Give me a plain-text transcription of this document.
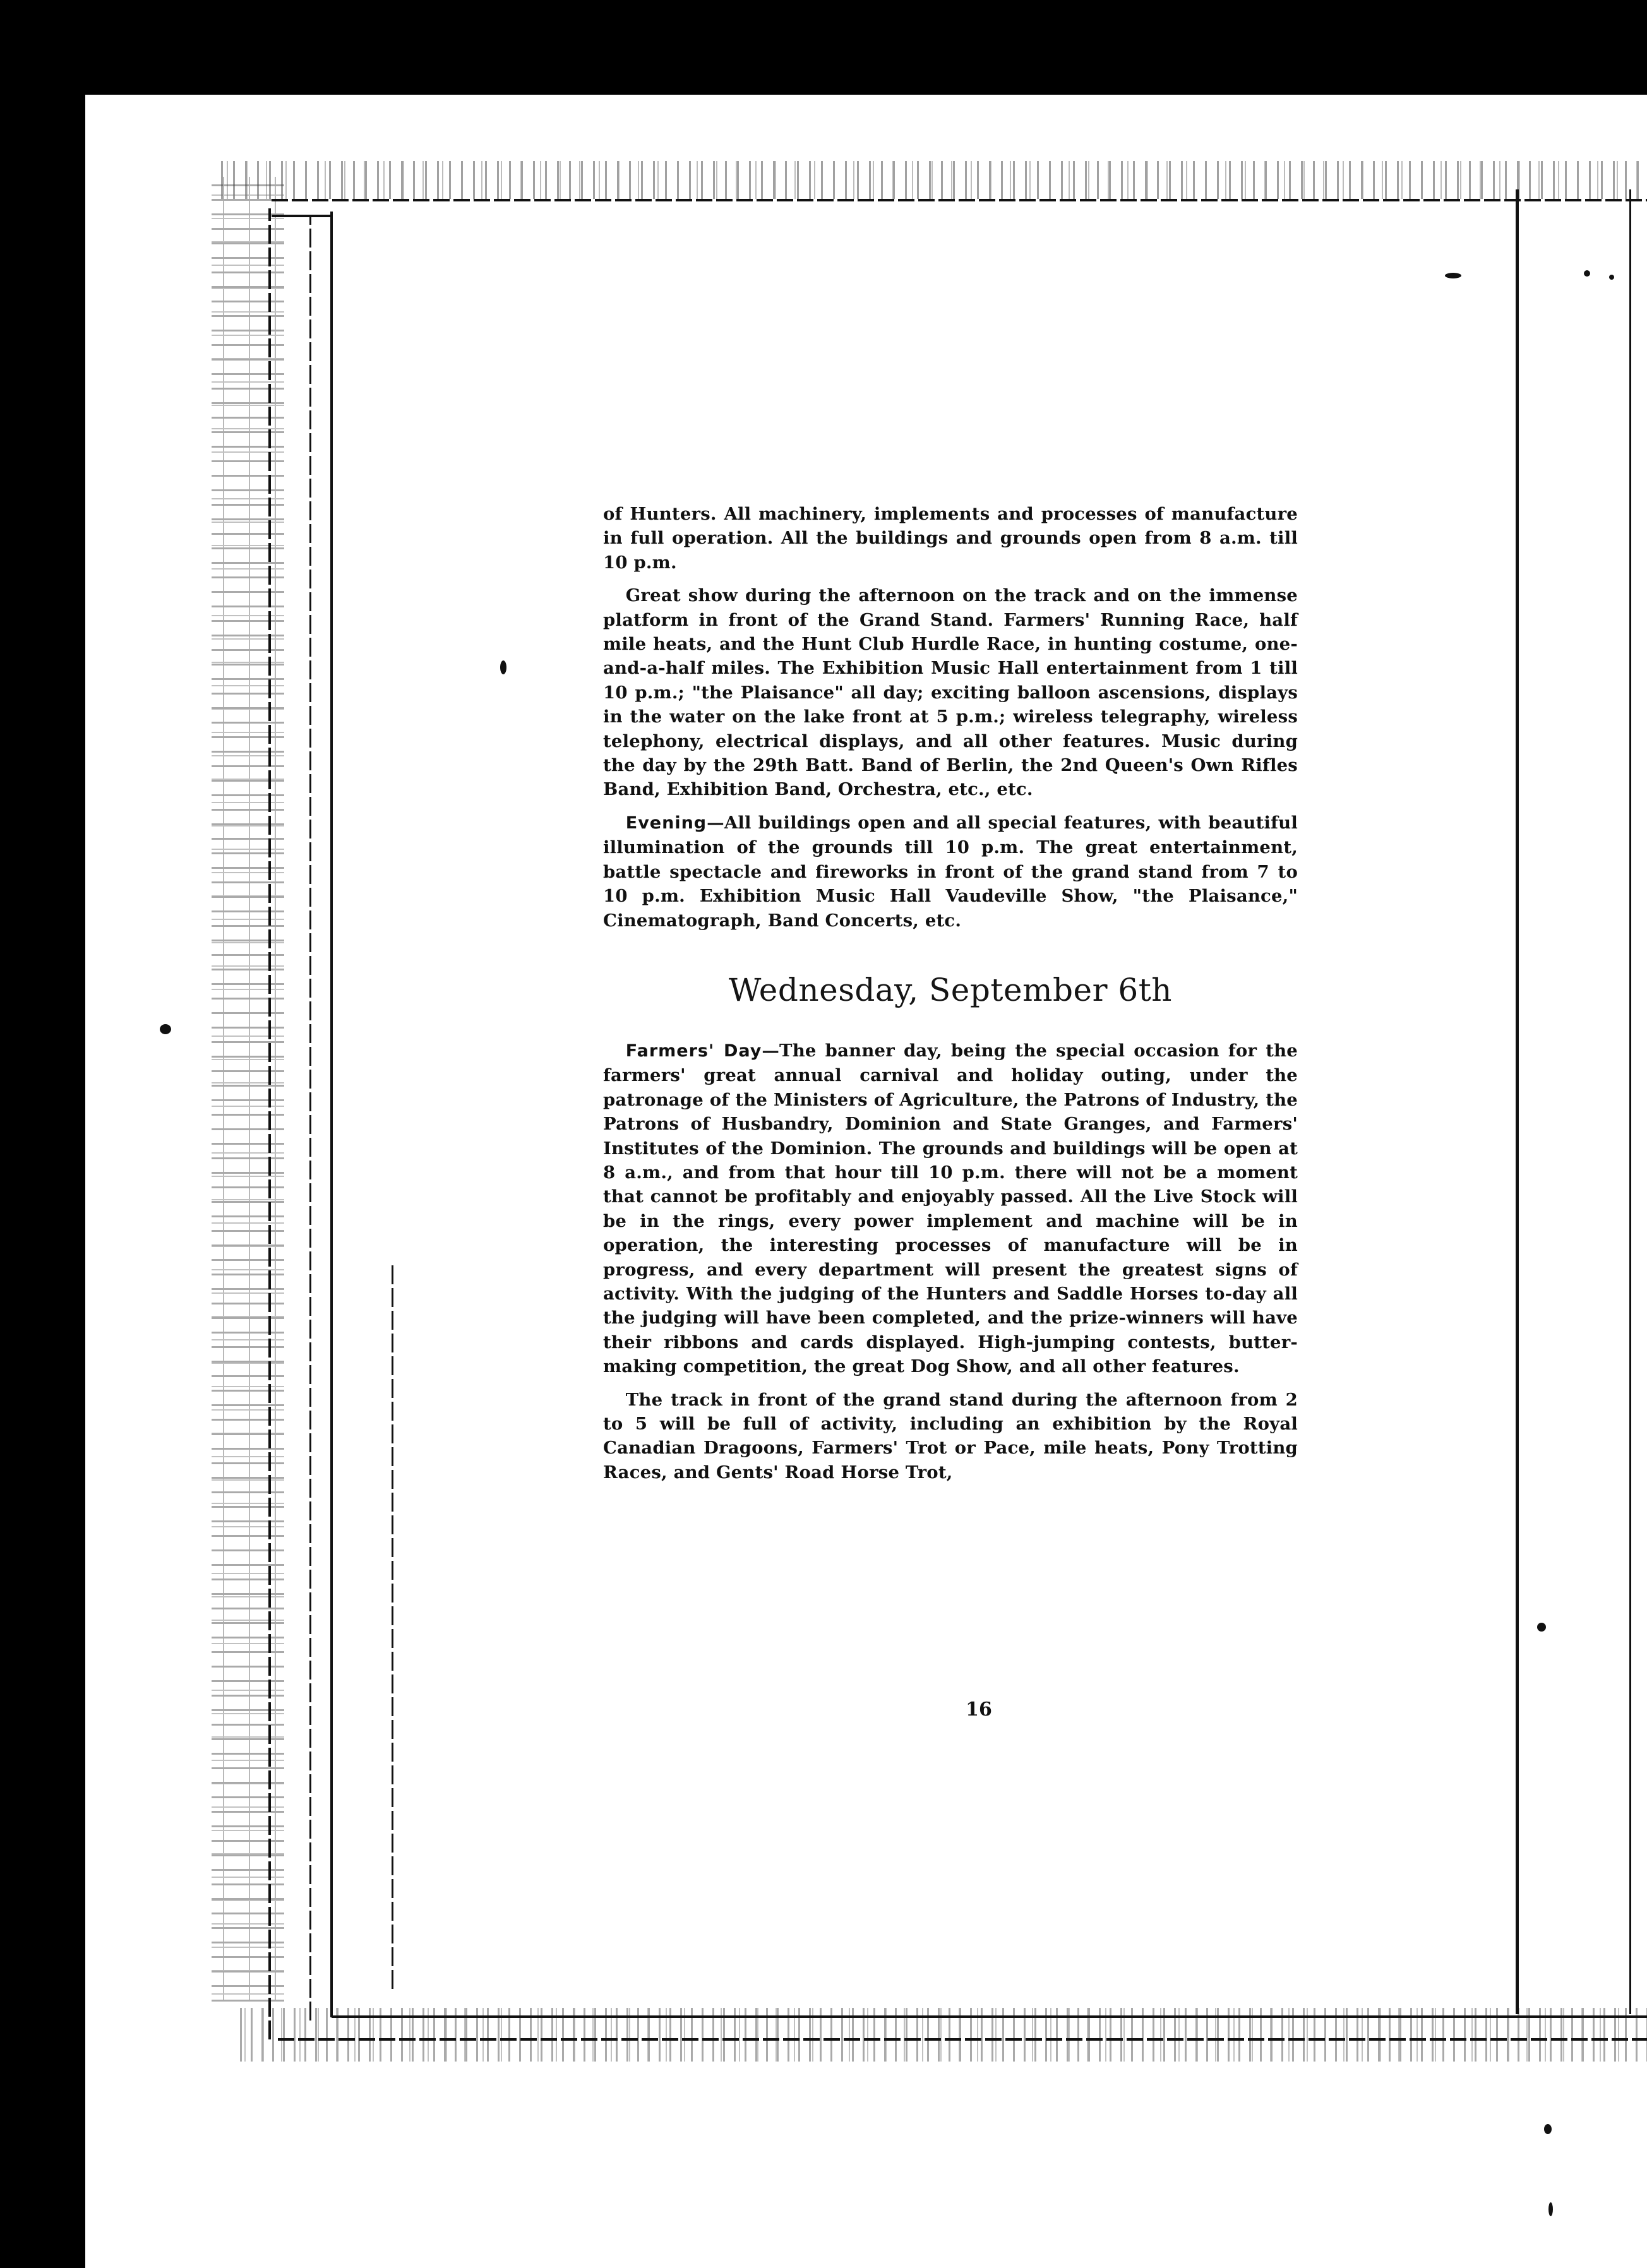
of Hunters. All machinery, implements and processes of manufacture in full operation. All the buildings and grounds open from 8 a.m. till 10 p.m.

Great show during the afternoon on the track and on the immense platform in front of the Grand Stand. Farmers' Running Race, half mile heats, and the Hunt Club Hurdle Race, in hunting costume, one-and-a-half miles. The Exhibition Music Hall entertainment from 1 till 10 p.m.; "the Plaisance" all day; exciting balloon ascensions, displays in the water on the lake front at 5 p.m.; wireless telegraphy, wireless telephony, electrical displays, and all other features. Music during the day by the 29th Batt. Band of Berlin, the 2nd Queen's Own Rifles Band, Exhibition Band, Orchestra, etc., etc.

Evening—All buildings open and all special features, with beautiful illumination of the grounds till 10 p.m. The great entertainment, battle spectacle and fireworks in front of the grand stand from 7 to 10 p.m. Exhibition Music Hall Vaudeville Show, "the Plaisance," Cinematograph, Band Concerts, etc.

Wednesday, September 6th

Farmers' Day—The banner day, being the special occasion for the farmers' great annual carnival and holiday outing, under the patronage of the Ministers of Agriculture, the Patrons of Industry, the Patrons of Husbandry, Dominion and State Granges, and Farmers' Institutes of the Dominion. The grounds and buildings will be open at 8 a.m., and from that hour till 10 p.m. there will not be a moment that cannot be profitably and enjoyably passed. All the Live Stock will be in the rings, every power implement and machine will be in operation, the interesting processes of manufacture will be in progress, and every department will present the greatest signs of activity. With the judging of the Hunters and Saddle Horses to-day all the judging will have been completed, and the prize-winners will have their ribbons and cards displayed. High-jumping contests, butter-making competition, the great Dog Show, and all other features.

The track in front of the grand stand during the afternoon from 2 to 5 will be full of activity, including an exhibition by the Royal Canadian Dragoons, Farmers' Trot or Pace, mile heats, Pony Trotting Races, and Gents' Road Horse Trot,

16
